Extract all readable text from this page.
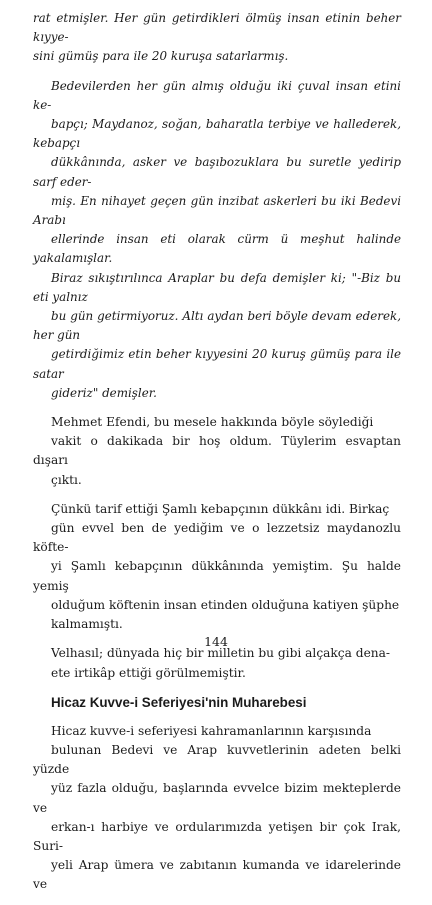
rat etmişler. Her gün getirdikleri ölmüş insan etinin beher kıyye-
sini gümüş para ile 20 kuruşa satarlarmış.

Bedevilerden her gün almış olduğu iki çuval insan etini ke-
bapçı; Maydanoz, soğan, baharatla terbiye ve hallederek, kebapçı
dükkânında, asker ve başıbozuklara bu suretle yedirip sarf eder-
miş. En nihayet geçen gün inzibat askerleri bu iki Bedevi Arabı
ellerinde insan eti olarak cürm ü meşhut halinde yakalamışlar.
Biraz sıkıştırılınca Araplar bu defa demişler ki; "-Biz bu eti yalnız
bu gün getirmiyoruz. Altı aydan beri böyle devam ederek, her gün
getirdiğimiz etin beher kıyyesini 20 kuruş gümüş para ile satar
gideriz" demişler.

Mehmet Efendi, bu mesele hakkında böyle söylediği
vakit o dakikada bir hoş oldum. Tüylerim esvaptan dışarı
çıktı.

Çünkü tarif ettiği Şamlı kebapçının dükkânı idi. Birkaç
gün evvel ben de yediğim ve o lezzetsiz maydanozlu köfte-
yi Şamlı kebapçının dükkânında yemiştim. Şu halde yemiş
olduğum köftenin insan etinden olduğuna katiyen şüphe
kalmamıştı.

Velhasıl; dünyada hiç bir milletin bu gibi alçakça dena-
ete irtikâp ettiği görülmemiştir.

Hicaz Kuvve-i Seferiyesi'nin Muharebesi

Hicaz kuvve-i seferiyesi kahramanlarının karşısında
bulunan Bedevi ve Arap kuvvetlerinin adeten belki yüzde
yüz fazla olduğu, başlarında evvelce bizim mekteplerde ve
erkan-ı harbiye ve ordularımızda yetişen bir çok Irak, Suri-
yeli Arap ümera ve zabıtanın kumanda ve idarelerinde ve

144
